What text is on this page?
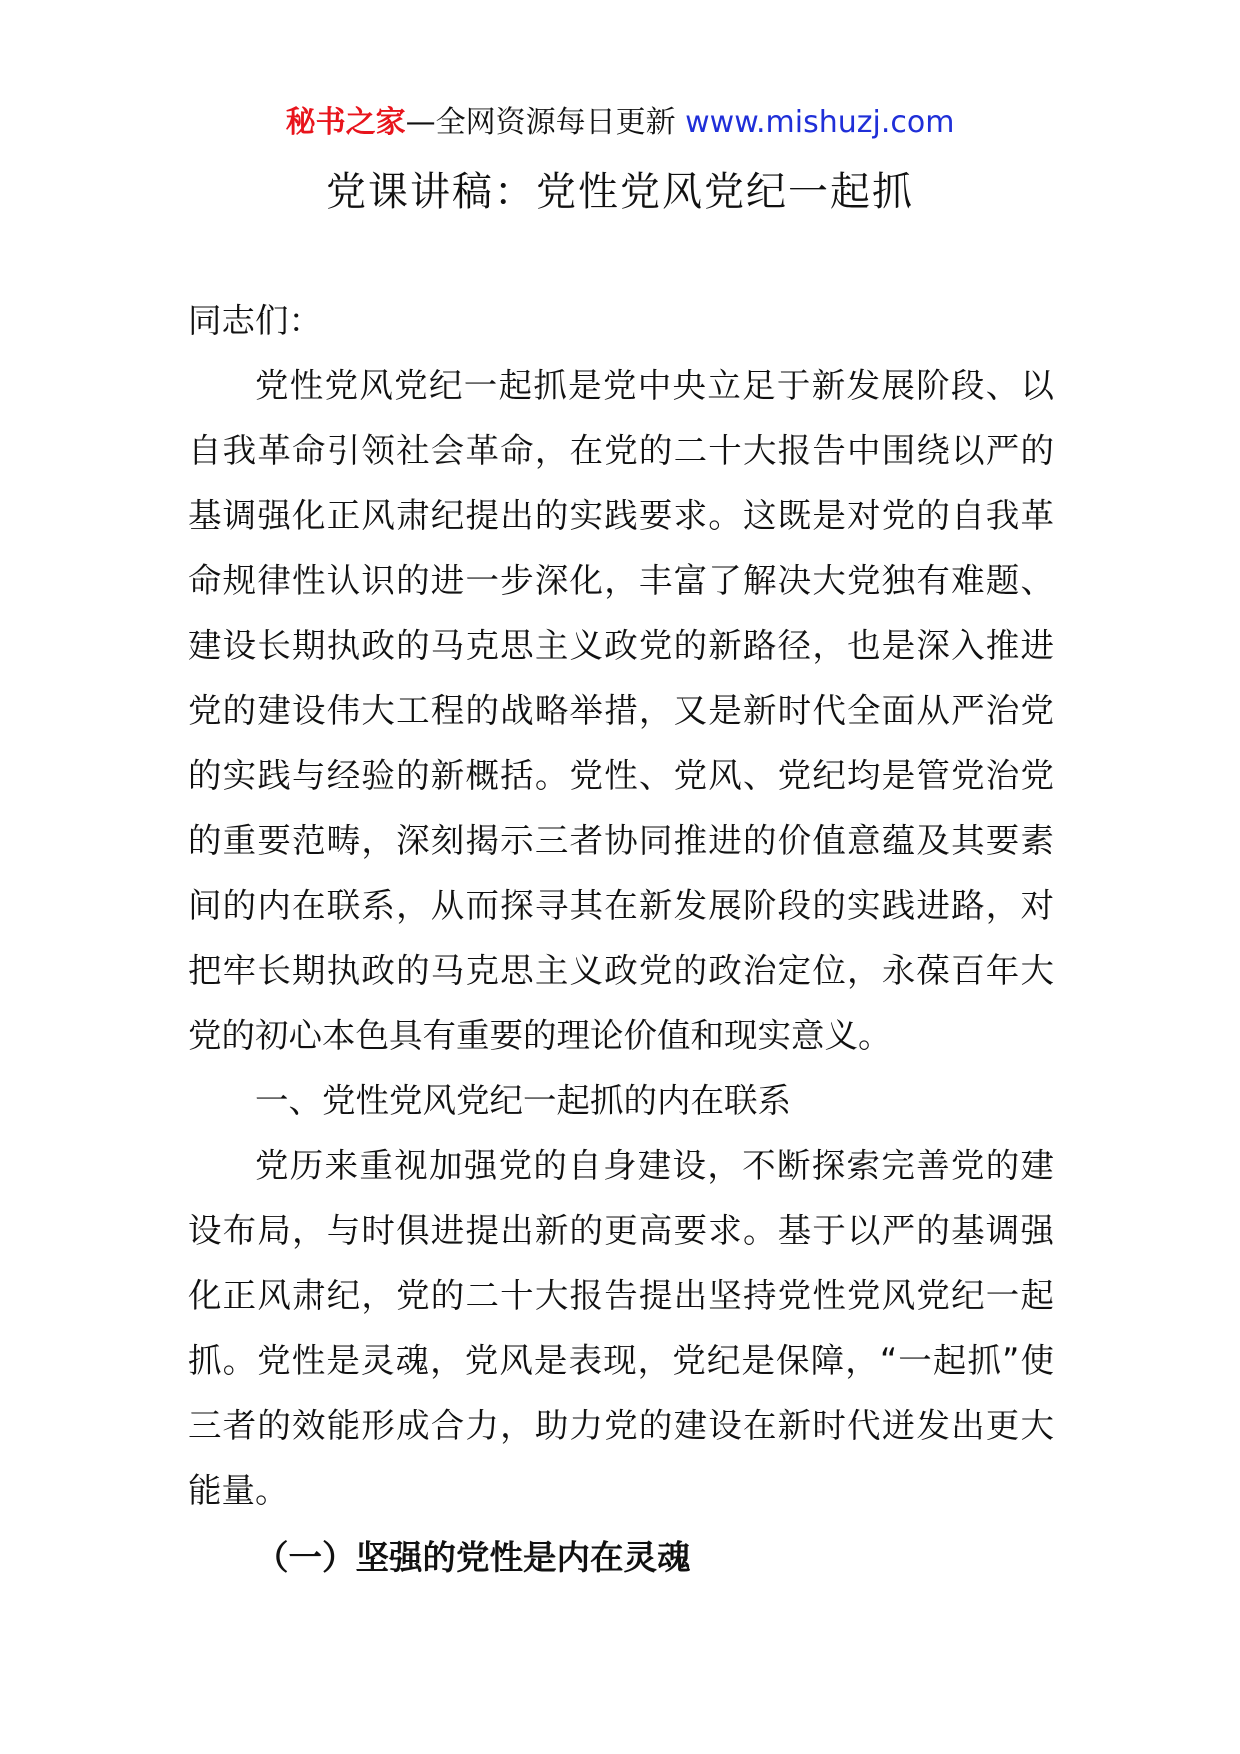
秘书之家—全网资源每日更新 www.mishuzj.com
党课讲稿：党性党风党纪一起抓

同志们：

党性党风党纪一起抓是党中央立足于新发展阶段、以自我革命引领社会革命，在党的二十大报告中围绕以严的基调强化正风肃纪提出的实践要求。这既是对党的自我革命规律性认识的进一步深化，丰富了解决大党独有难题、建设长期执政的马克思主义政党的新路径，也是深入推进党的建设伟大工程的战略举措，又是新时代全面从严治党的实践与经验的新概括。党性、党风、党纪均是管党治党的重要范畴，深刻揭示三者协同推进的价值意蕴及其要素间的内在联系，从而探寻其在新发展阶段的实践进路，对把牢长期执政的马克思主义政党的政治定位，永葆百年大党的初心本色具有重要的理论价值和现实意义。

一、党性党风党纪一起抓的内在联系

党历来重视加强党的自身建设，不断探索完善党的建设布局，与时俱进提出新的更高要求。基于以严的基调强化正风肃纪，党的二十大报告提出坚持党性党风党纪一起抓。党性是灵魂，党风是表现，党纪是保障，“一起抓”使三者的效能形成合力，助力党的建设在新时代迸发出更大能量。

（一）坚强的党性是内在灵魂
